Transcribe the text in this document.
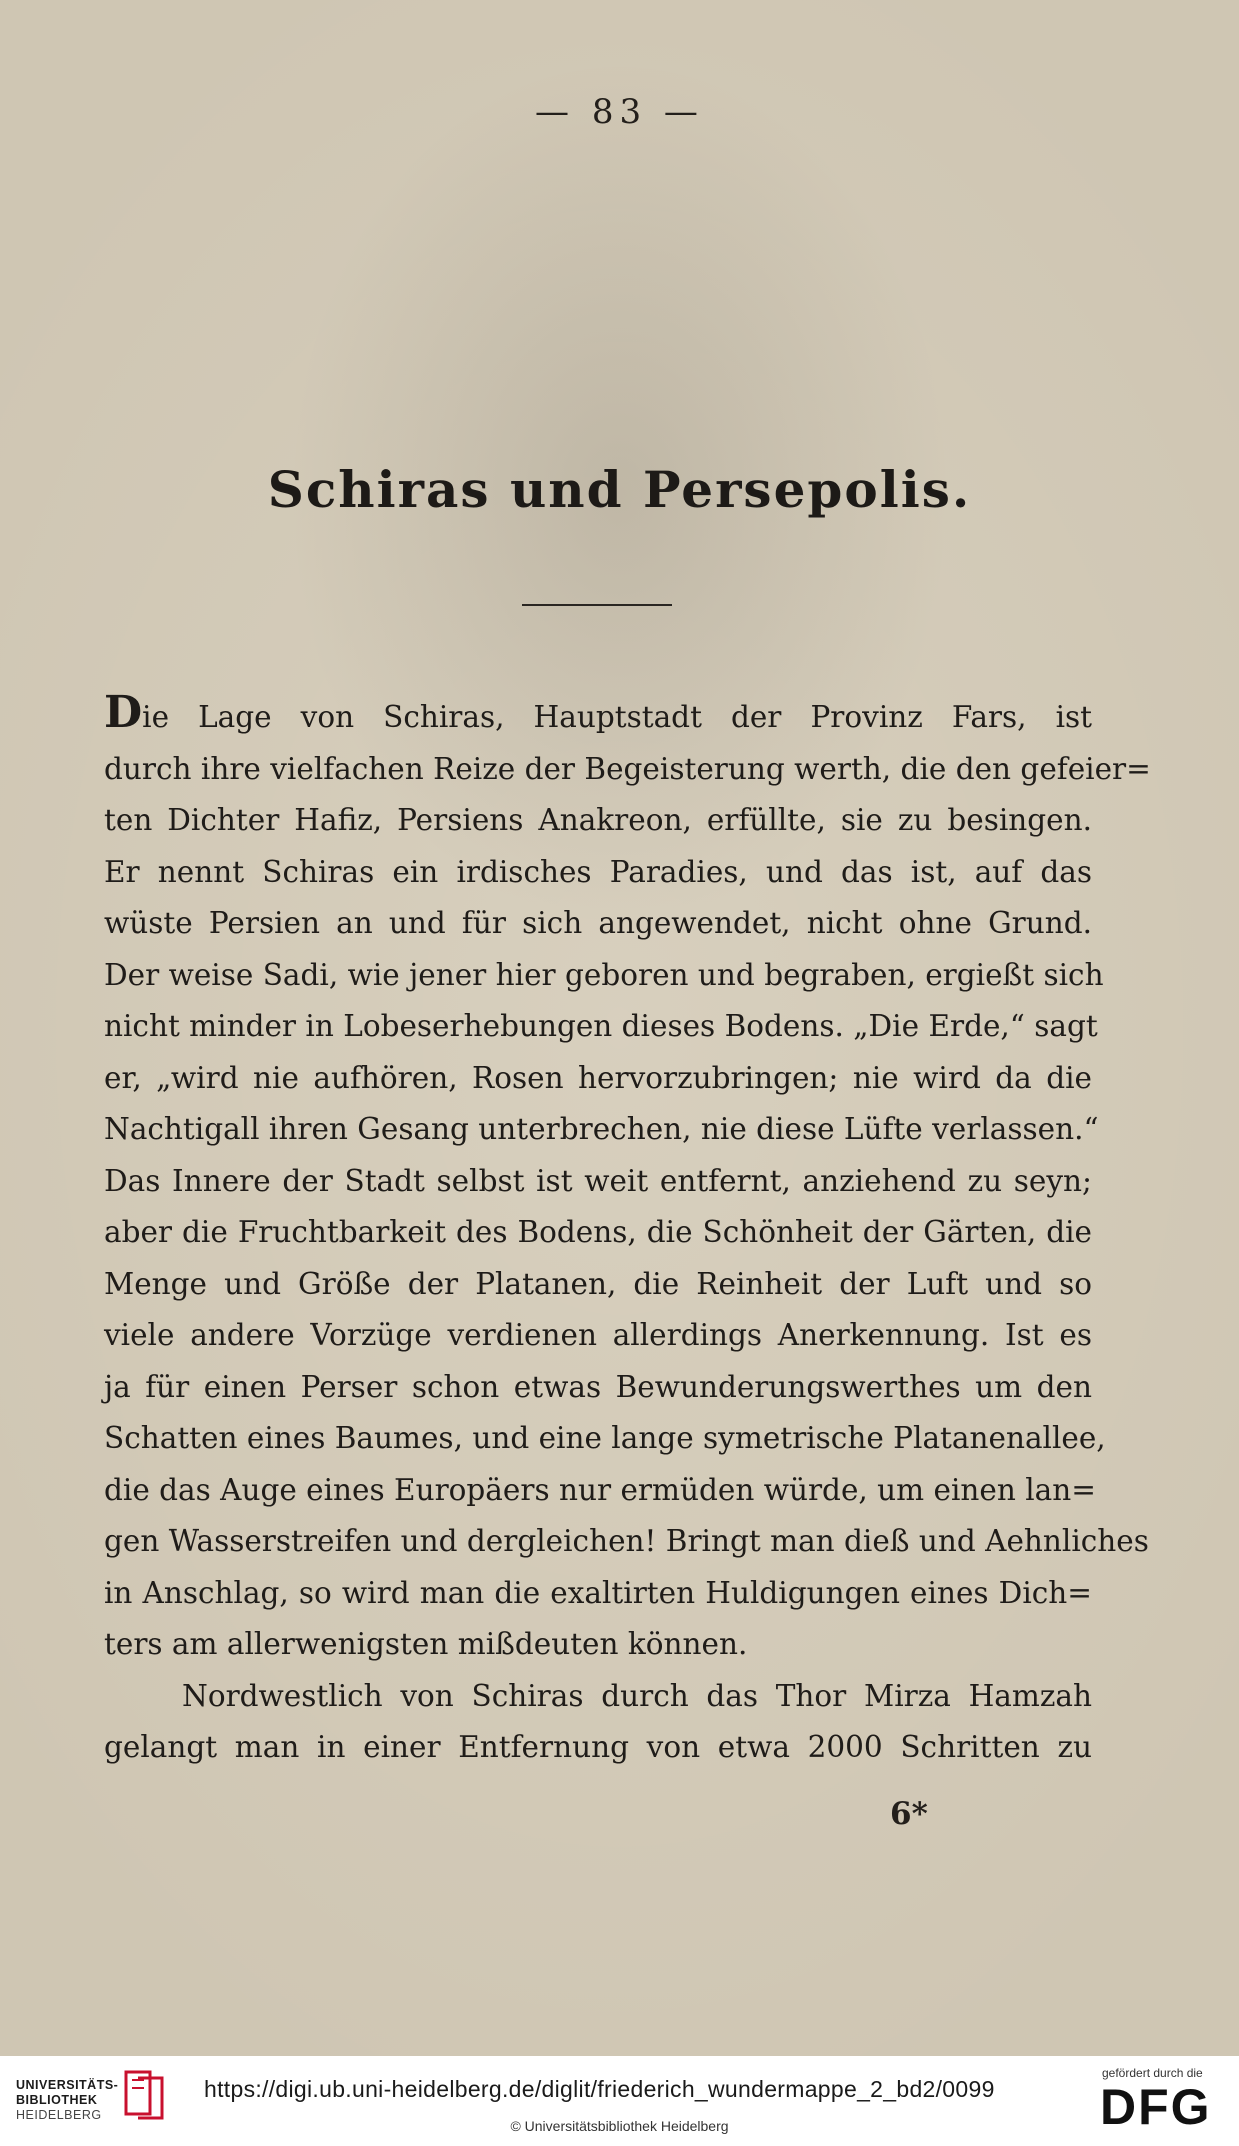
— 83 —
Schiras und Persepolis.
Die Lage von Schiras, Hauptstadt der Provinz Fars, ist
durch ihre vielfachen Reize der Begeisterung werth, die den gefeier=
ten Dichter Hafiz, Persiens Anakreon, erfüllte, sie zu besingen.
Er nennt Schiras ein irdisches Paradies, und das ist, auf das
wüste Persien an und für sich angewendet, nicht ohne Grund.
Der weise Sadi, wie jener hier geboren und begraben, ergießt sich
nicht minder in Lobeserhebungen dieses Bodens. „Die Erde,“ sagt
er, „wird nie aufhören, Rosen hervorzubringen; nie wird da die
Nachtigall ihren Gesang unterbrechen, nie diese Lüfte verlassen.“
Das Innere der Stadt selbst ist weit entfernt, anziehend zu seyn;
aber die Fruchtbarkeit des Bodens, die Schönheit der Gärten, die
Menge und Größe der Platanen, die Reinheit der Luft und so
viele andere Vorzüge verdienen allerdings Anerkennung. Ist es
ja für einen Perser schon etwas Bewunderungswerthes um den
Schatten eines Baumes, und eine lange symetrische Platanenallee,
die das Auge eines Europäers nur ermüden würde, um einen lan=
gen Wasserstreifen und dergleichen! Bringt man dieß und Aehnliches
in Anschlag, so wird man die exaltirten Huldigungen eines Dich=
ters am allerwenigsten mißdeuten können.
Nordwestlich von Schiras durch das Thor Mirza Hamzah
gelangt man in einer Entfernung von etwa 2000 Schritten zu
6*
UNIVERSITÄTS-
BIBLIOTHEK
HEIDELBERG
https://digi.ub.uni-heidelberg.de/diglit/friederich_wundermappe_2_bd2/0099
© Universitätsbibliothek Heidelberg
gefördert durch die
DFG
